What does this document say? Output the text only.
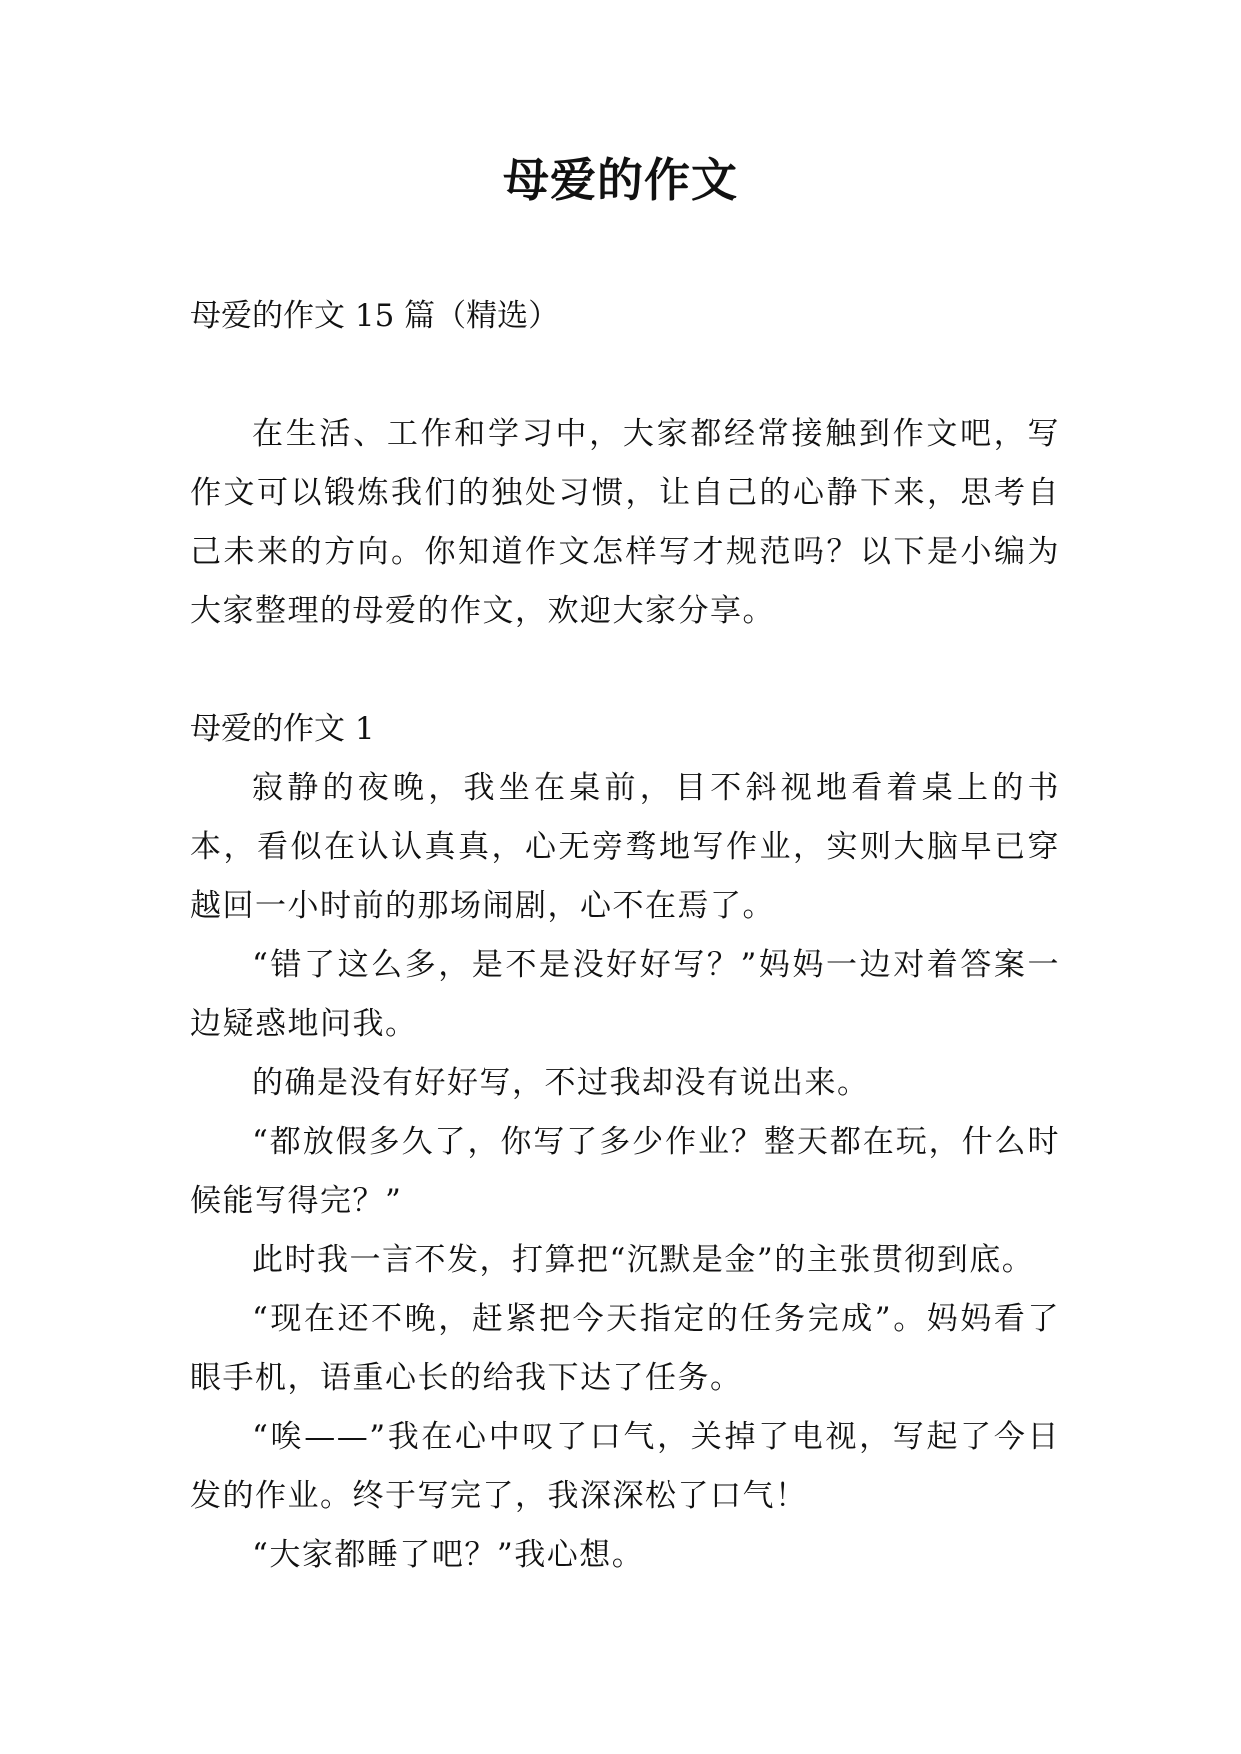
母爱的作文

母爱的作文 15 篇（精选）

在生活、工作和学习中，大家都经常接触到作文吧，写作文可以锻炼我们的独处习惯，让自己的心静下来，思考自己未来的方向。你知道作文怎样写才规范吗？以下是小编为大家整理的母爱的作文，欢迎大家分享。

母爱的作文 1

寂静的夜晚，我坐在桌前，目不斜视地看着桌上的书本，看似在认认真真，心无旁骛地写作业，实则大脑早已穿越回一小时前的那场闹剧，心不在焉了。

“错了这么多，是不是没好好写？”妈妈一边对着答案一边疑惑地问我。

的确是没有好好写，不过我却没有说出来。

“都放假多久了，你写了多少作业？整天都在玩，什么时候能写得完？”

此时我一言不发，打算把“沉默是金”的主张贯彻到底。

“现在还不晚，赶紧把今天指定的任务完成”。妈妈看了眼手机，语重心长的给我下达了任务。

“唉——”我在心中叹了口气，关掉了电视，写起了今日发的作业。终于写完了，我深深松了口气！

“大家都睡了吧？”我心想。
